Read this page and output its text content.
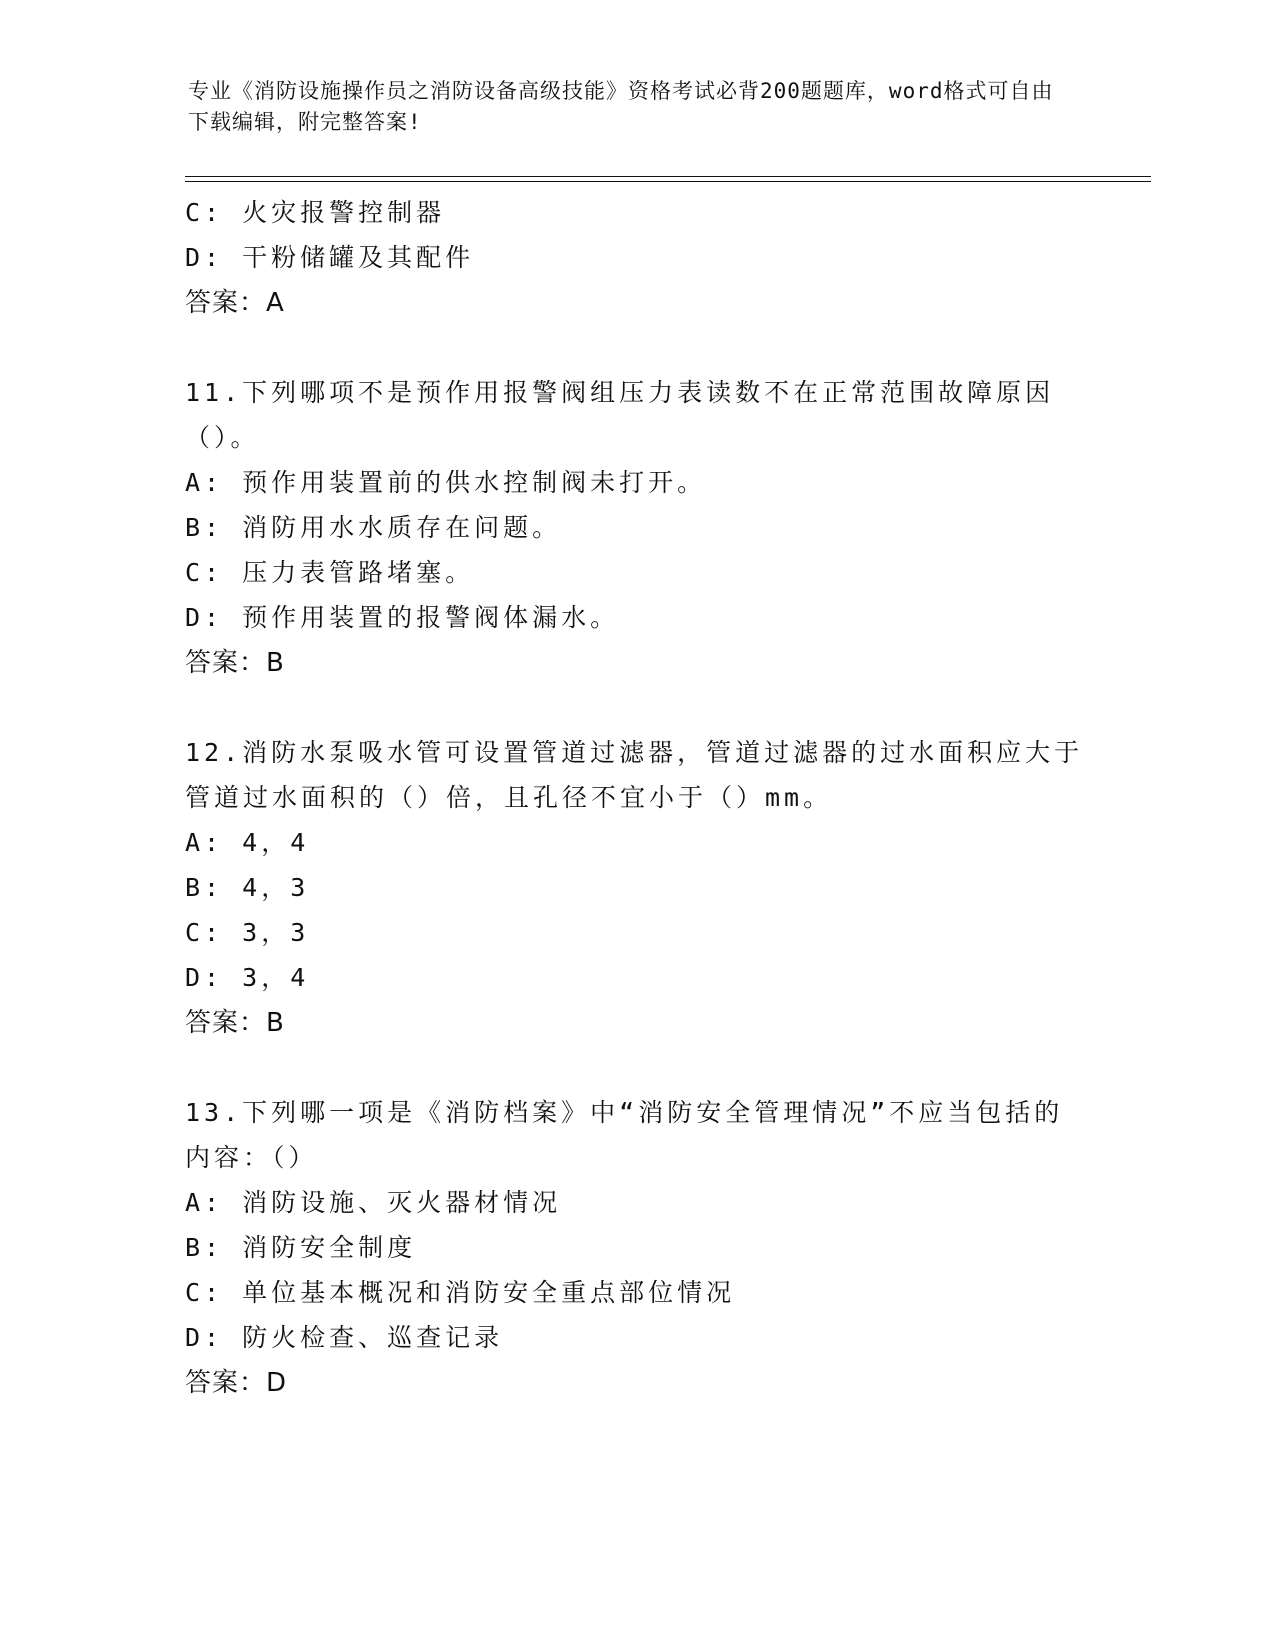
专业《消防设施操作员之消防设备高级技能》资格考试必背200题题库，word格式可自由下载编辑，附完整答案!
C: 火灾报警控制器
D: 干粉储罐及其配件
答案：A
11.下列哪项不是预作用报警阀组压力表读数不在正常范围故障原因（）。
A: 预作用装置前的供水控制阀未打开。
B: 消防用水水质存在问题。
C: 压力表管路堵塞。
D: 预作用装置的报警阀体漏水。
答案：B
12.消防水泵吸水管可设置管道过滤器，管道过滤器的过水面积应大于管道过水面积的（）倍，且孔径不宜小于（）mm。
A: 4，4
B: 4，3
C: 3，3
D: 3，4
答案：B
13.下列哪一项是《消防档案》中“消防安全管理情况”不应当包括的内容：（）
A: 消防设施、灭火器材情况
B: 消防安全制度
C: 单位基本概况和消防安全重点部位情况
D: 防火检查、巡查记录
答案：D
